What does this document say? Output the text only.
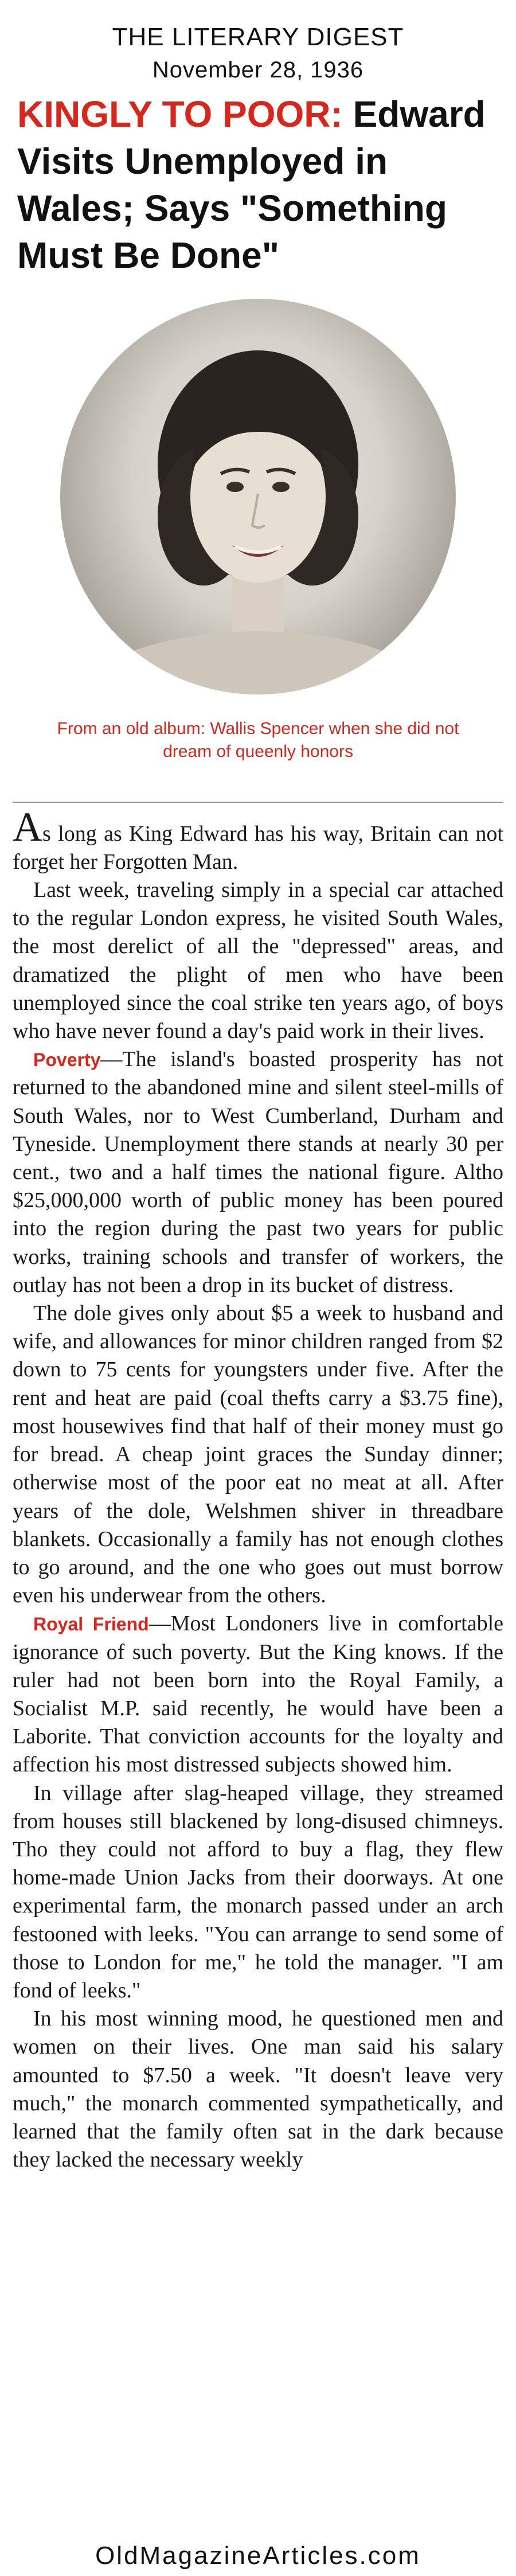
THE LITERARY DIGEST
November 28, 1936
KINGLY TO POOR: Edward Visits Unemployed in Wales; Says "Something Must Be Done"
From an old album: Wallis Spencer when she did not dream of queenly honors

As long as King Edward has his way, Britain can not forget her Forgotten Man.

Last week, traveling simply in a special car attached to the regular London express, he visited South Wales, the most derelict of all the "depressed" areas, and dramatized the plight of men who have been unemployed since the coal strike ten years ago, of boys who have never found a day's paid work in their lives.

Poverty—The island's boasted prosperity has not returned to the abandoned mine and silent steel-mills of South Wales, nor to West Cumberland, Durham and Tyneside. Unemployment there stands at nearly 30 per cent., two and a half times the national figure. Altho $25,000,000 worth of public money has been poured into the region during the past two years for public works, training schools and transfer of workers, the outlay has not been a drop in its bucket of distress.

The dole gives only about $5 a week to husband and wife, and allowances for minor children ranged from $2 down to 75 cents for youngsters under five. After the rent and heat are paid (coal thefts carry a $3.75 fine), most housewives find that half of their money must go for bread. A cheap joint graces the Sunday dinner; otherwise most of the poor eat no meat at all. After years of the dole, Welshmen shiver in threadbare blankets. Occasionally a family has not enough clothes to go around, and the one who goes out must borrow even his underwear from the others.

Royal Friend—Most Londoners live in comfortable ignorance of such poverty. But the King knows. If the ruler had not been born into the Royal Family, a Socialist M.P. said recently, he would have been a Laborite. That conviction accounts for the loyalty and affection his most distressed subjects showed him.

In village after slag-heaped village, they streamed from houses still blackened by long-disused chimneys. Tho they could not afford to buy a flag, they flew home-made Union Jacks from their doorways. At one experimental farm, the monarch passed under an arch festooned with leeks. "You can arrange to send some of those to London for me," he told the manager. "I am fond of leeks."

In his most winning mood, he questioned men and women on their lives. One man said his salary amounted to $7.50 a week. "It doesn't leave very much," the monarch commented sympathetically, and learned that the family often sat in the dark because they lacked the necessary weekly

OldMagazineArticles.com
